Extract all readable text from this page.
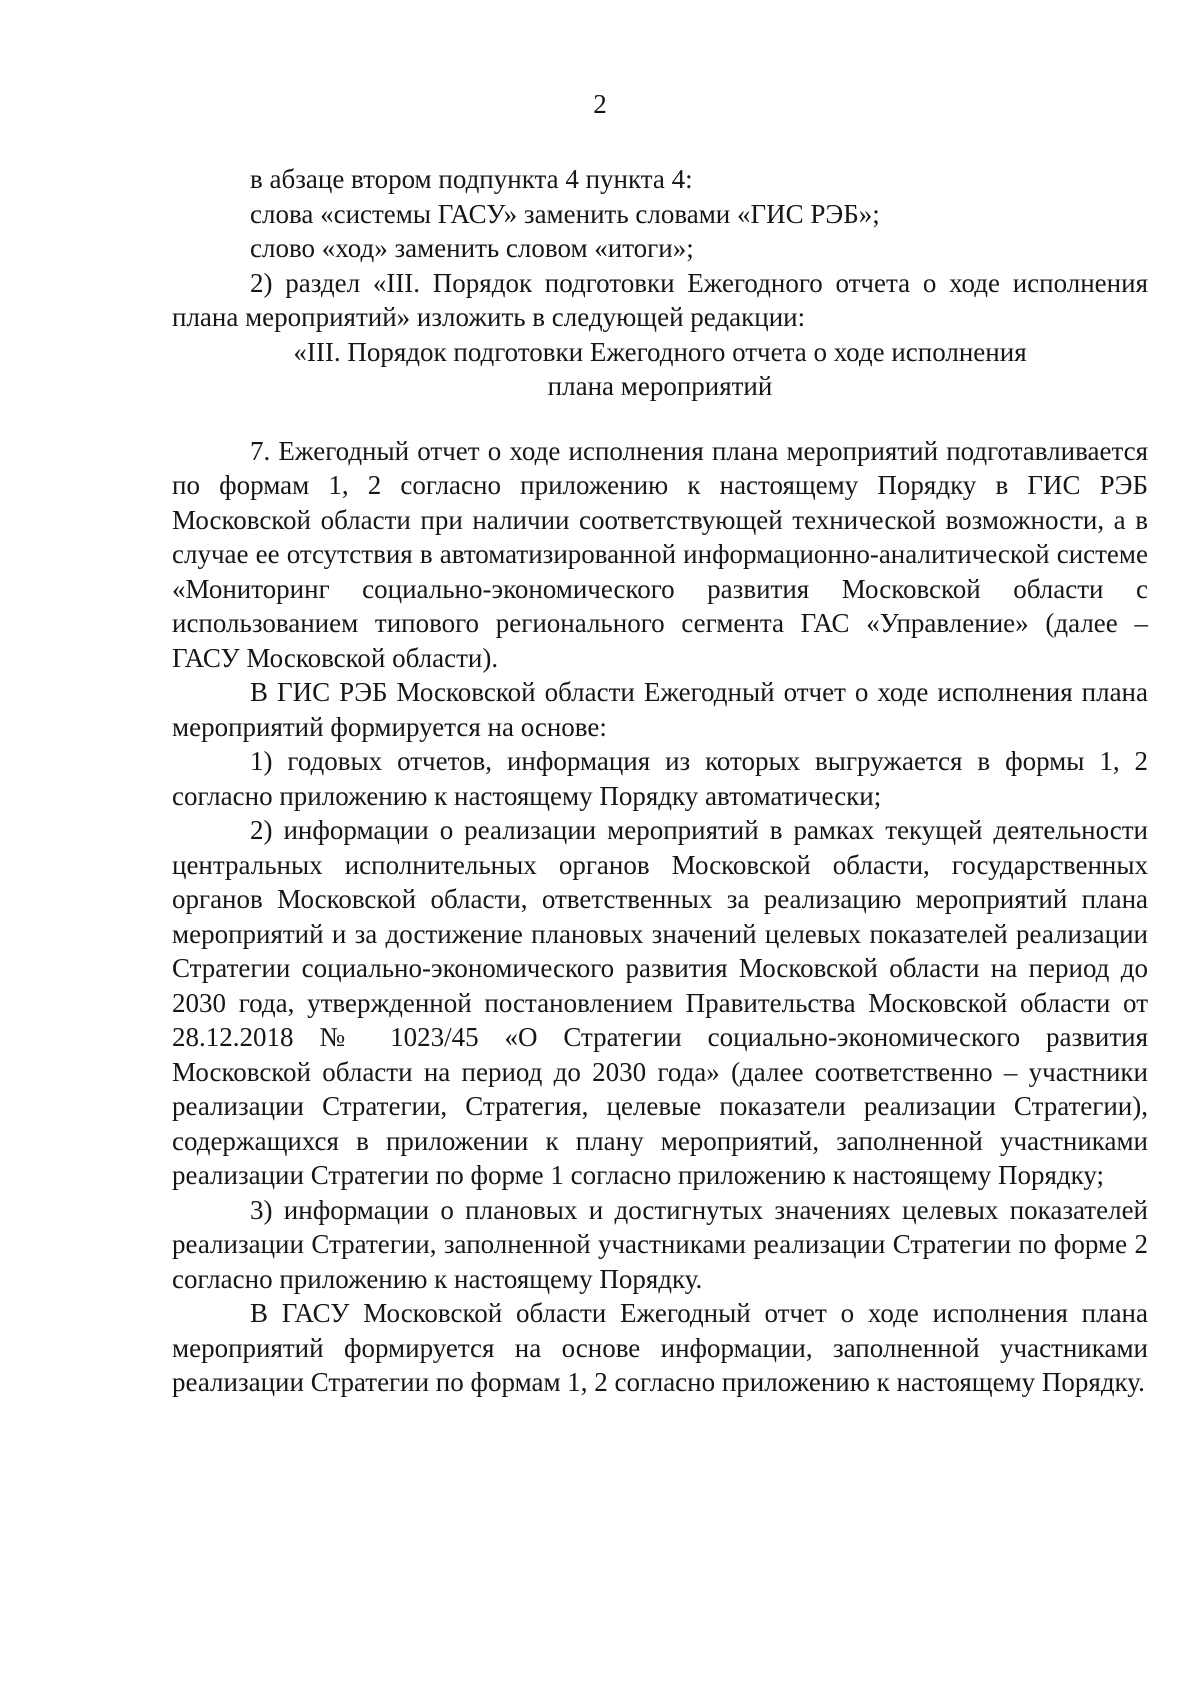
2

в абзаце втором подпункта 4 пункта 4:

слова «системы ГАСУ» заменить словами «ГИС РЭБ»;

слово «ход» заменить словом «итоги»;

2) раздел «III. Порядок подготовки Ежегодного отчета о ходе исполнения плана мероприятий» изложить в следующей редакции:

«III. Порядок подготовки Ежегодного отчета о ходе исполнения

плана мероприятий

7. Ежегодный отчет о ходе исполнения плана мероприятий подготавливается по формам 1, 2 согласно приложению к настоящему Порядку в ГИС РЭБ Московской области при наличии соответствующей технической возможности, а в случае ее отсутствия в автоматизированной информационно-аналитической системе «Мониторинг социально-экономического развития Московской области с использованием типового регионального сегмента ГАС «Управление» (далее – ГАСУ Московской области).

В ГИС РЭБ Московской области Ежегодный отчет о ходе исполнения плана мероприятий формируется на основе:

1) годовых отчетов, информация из которых выгружается в формы 1, 2 согласно приложению к настоящему Порядку автоматически;

2) информации о реализации мероприятий в рамках текущей деятельности центральных исполнительных органов Московской области, государственных органов Московской области, ответственных за реализацию мероприятий плана мероприятий и за достижение плановых значений целевых показателей реализации Стратегии социально-экономического развития Московской области на период до 2030 года, утвержденной постановлением Правительства Московской области от 28.12.2018 № 1023/45 «О Стратегии социально-экономического развития Московской области на период до 2030 года» (далее соответственно – участники реализации Стратегии, Стратегия, целевые показатели реализации Стратегии), содержащихся в приложении к плану мероприятий, заполненной участниками реализации Стратегии по форме 1 согласно приложению к настоящему Порядку;

3) информации о плановых и достигнутых значениях целевых показателей реализации Стратегии, заполненной участниками реализации Стратегии по форме 2 согласно приложению к настоящему Порядку.

В ГАСУ Московской области Ежегодный отчет о ходе исполнения плана мероприятий формируется на основе информации, заполненной участниками реализации Стратегии по формам 1, 2 согласно приложению к настоящему Порядку.
